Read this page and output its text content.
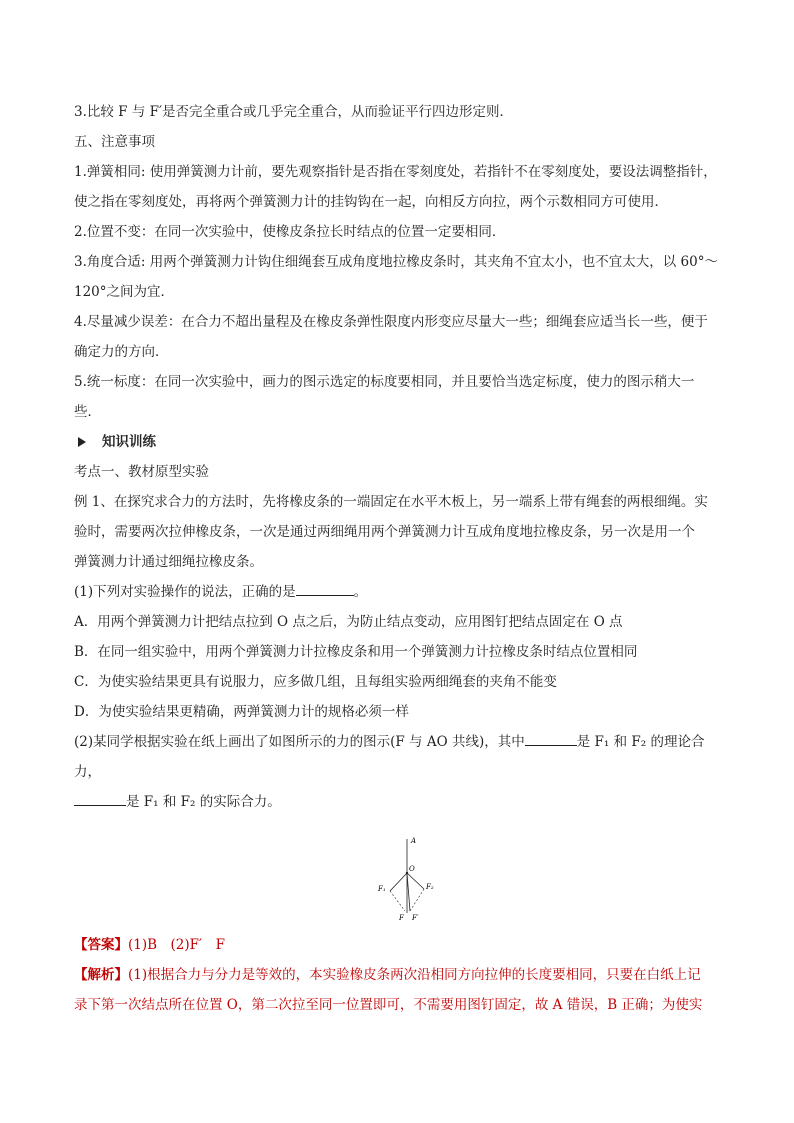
3.比较 F 与 F′是否完全重合或几乎完全重合，从而验证平行四边形定则．

五、注意事项

1.弹簧相同: 使用弹簧测力计前，要先观察指针是否指在零刻度处，若指针不在零刻度处，要设法调整指针，

使之指在零刻度处，再将两个弹簧测力计的挂钩钩在一起，向相反方向拉，两个示数相同方可使用．

2.位置不变：在同一次实验中，使橡皮条拉长时结点的位置一定要相同．

3.角度合适: 用两个弹簧测力计钩住细绳套互成角度地拉橡皮条时，其夹角不宜太小，也不宜太大，以 60°～

120°之间为宜．

4.尽量减少误差：在合力不超出量程及在橡皮条弹性限度内形变应尽量大一些；细绳套应适当长一些，便于

确定力的方向．

5.统一标度：在同一次实验中，画力的图示选定的标度要相同，并且要恰当选定标度，使力的图示稍大一

些．

知识训练

考点一、教材原型实验

例 1、在探究求合力的方法时，先将橡皮条的一端固定在水平木板上，另一端系上带有绳套的两根细绳。实

验时，需要两次拉伸橡皮条，一次是通过两细绳用两个弹簧测力计互成角度地拉橡皮条，另一次是用一个

弹簧测力计通过细绳拉橡皮条。

(1)下列对实验操作的说法，正确的是	。

A．用两个弹簧测力计把结点拉到 O 点之后，为防止结点变动，应用图钉把结点固定在 O 点

B．在同一组实验中，用两个弹簧测力计拉橡皮条和用一个弹簧测力计拉橡皮条时结点位置相同

C．为使实验结果更具有说服力，应多做几组，且每组实验两细绳套的夹角不能变

D．为使实验结果更精确，两弹簧测力计的规格必须一样

(2)某同学根据实验在纸上画出了如图所示的力的图示(F 与 AO 共线)，其中	是 F₁ 和 F₂ 的理论合力，

是 F₁ 和 F₂ 的实际合力。

A
O
F₁	F₂
F F′

【答案】(1)B　(2)F′　F

【解析】(1)根据合力与分力是等效的，本实验橡皮条两次沿相同方向拉伸的长度要相同，只要在白纸上记

录下第一次结点所在位置 O，第二次拉至同一位置即可，不需要用图钉固定，故 A 错误，B 正确；为使实
